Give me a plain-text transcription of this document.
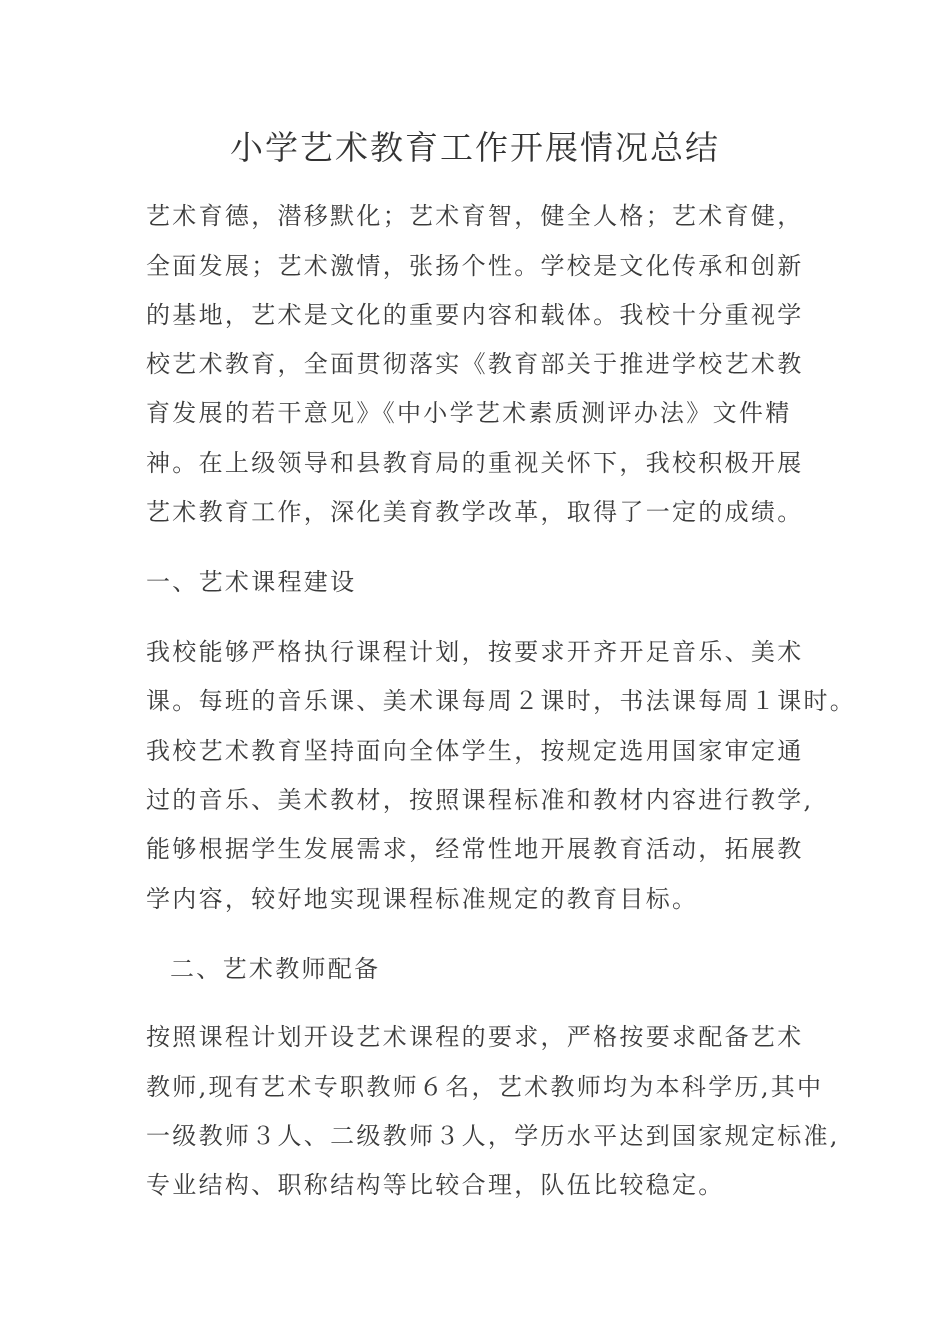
小学艺术教育工作开展情况总结

艺术育德，潜移默化；艺术育智，健全人格；艺术育健，

全面发展；艺术激情，张扬个性。学校是文化传承和创新

的基地，艺术是文化的重要内容和载体。我校十分重视学

校艺术教育，全面贯彻落实《教育部关于推进学校艺术教

育发展的若干意见》《中小学艺术素质测评办法》文件精

神。在上级领导和县教育局的重视关怀下，我校积极开展

艺术教育工作，深化美育教学改革，取得了一定的成绩。

一、艺术课程建设

我校能够严格执行课程计划，按要求开齐开足音乐、美术

课。每班的音乐课、美术课每周２课时，书法课每周１课时。

我校艺术教育坚持面向全体学生，按规定选用国家审定通

过的音乐、美术教材，按照课程标准和教材内容进行教学,

能够根据学生发展需求，经常性地开展教育活动，拓展教

学内容，较好地实现课程标准规定的教育目标。

二、艺术教师配备

按照课程计划开设艺术课程的要求，严格按要求配备艺术

教师,现有艺术专职教师６名，艺术教师均为本科学历,其中

一级教师３人、二级教师３人，学历水平达到国家规定标准,

专业结构、职称结构等比较合理，队伍比较稳定。
